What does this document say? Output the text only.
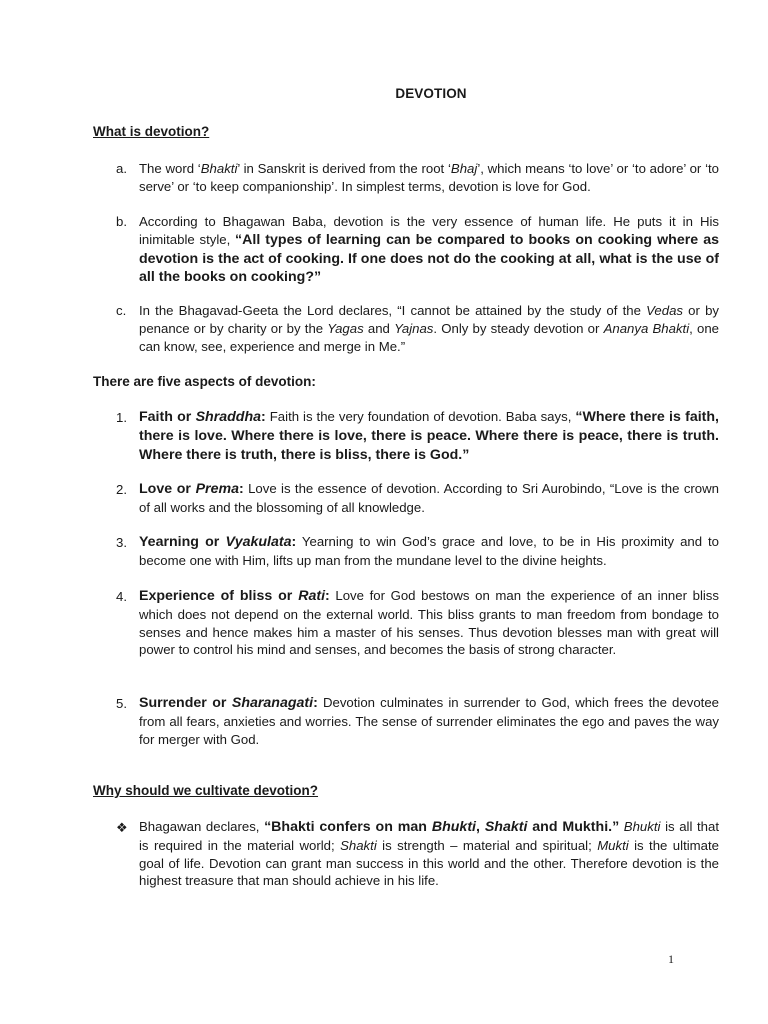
DEVOTION
What is devotion?
a. The word ‘Bhakti’ in Sanskrit is derived from the root ‘Bhaj’, which means ‘to love’ or ‘to adore’ or ‘to serve’ or ‘to keep companionship’. In simplest terms, devotion is love for God.
b. According to Bhagawan Baba, devotion is the very essence of human life. He puts it in His inimitable style, “All types of learning can be compared to books on cooking where as devotion is the act of cooking. If one does not do the cooking at all, what is the use of all the books on cooking?”
c. In the Bhagavad-Geeta the Lord declares, “I cannot be attained by the study of the Vedas or by penance or by charity or by the Yagas and Yajnas. Only by steady devotion or Ananya Bhakti, one can know, see, experience and merge in Me.”
There are five aspects of devotion:
1. Faith or Shraddha: Faith is the very foundation of devotion. Baba says, “Where there is faith, there is love. Where there is love, there is peace. Where there is peace, there is truth. Where there is truth, there is bliss, there is God.”
2. Love or Prema: Love is the essence of devotion. According to Sri Aurobindo, “Love is the crown of all works and the blossoming of all knowledge.
3. Yearning or Vyakulata: Yearning to win God’s grace and love, to be in His proximity and to become one with Him, lifts up man from the mundane level to the divine heights.
4. Experience of bliss or Rati: Love for God bestows on man the experience of an inner bliss which does not depend on the external world. This bliss grants to man freedom from bondage to senses and hence makes him a master of his senses. Thus devotion blesses man with great will power to control his mind and senses, and becomes the basis of strong character.
5. Surrender or Sharanagati: Devotion culminates in surrender to God, which frees the devotee from all fears, anxieties and worries. The sense of surrender eliminates the ego and paves the way for merger with God.
Why should we cultivate devotion?
❖ Bhagawan declares, “Bhakti confers on man Bhukti, Shakti and Mukthi.” Bhukti is all that is required in the material world; Shakti is strength – material and spiritual; Mukti is the ultimate goal of life. Devotion can grant man success in this world and the other. Therefore devotion is the highest treasure that man should achieve in his life.
1
